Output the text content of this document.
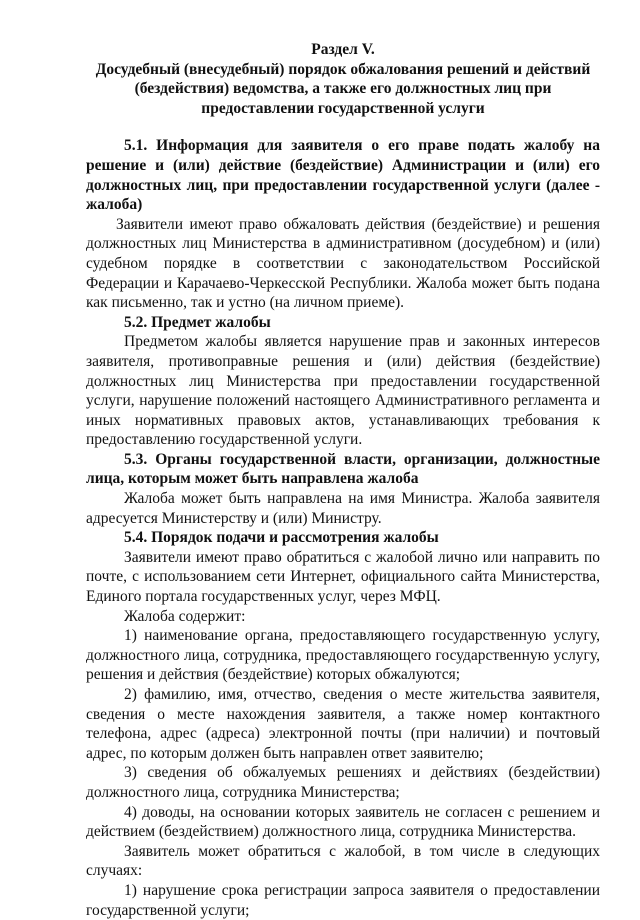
Раздел V.
Досудебный (внесудебный) порядок обжалования решений и действий (бездействия) ведомства, а также его должностных лиц при предоставлении государственной услуги

5.1. Информация для заявителя о его праве подать жалобу на решение и (или) действие (бездействие) Администрации и (или) его должностных лиц, при предоставлении государственной услуги (далее - жалоба)

Заявители имеют право обжаловать действия (бездействие) и решения должностных лиц Министерства в административном (досудебном) и (или) судебном порядке в соответствии с законодательством Российской Федерации и Карачаево-Черкесской Республики. Жалоба может быть подана как письменно, так и устно (на личном приеме).

5.2. Предмет жалобы

Предметом жалобы является нарушение прав и законных интересов заявителя, противоправные решения и (или) действия (бездействие) должностных лиц Министерства при предоставлении государственной услуги, нарушение положений настоящего Административного регламента и иных нормативных правовых актов, устанавливающих требования к предоставлению государственной услуги.

5.3. Органы государственной власти, организации, должностные лица, которым может быть направлена жалоба

Жалоба может быть направлена на имя Министра. Жалоба заявителя адресуется Министерству и (или) Министру.

5.4. Порядок подачи и рассмотрения жалобы

Заявители имеют право обратиться с жалобой лично или направить по почте, с использованием сети Интернет, официального сайта Министерства, Единого портала государственных услуг, через МФЦ.

Жалоба содержит:

1) наименование органа, предоставляющего государственную услугу, должностного лица, сотрудника, предоставляющего государственную услугу, решения и действия (бездействие) которых обжалуются;

2) фамилию, имя, отчество, сведения о месте жительства заявителя, сведения о месте нахождения заявителя, а также номер контактного телефона, адрес (адреса) электронной почты (при наличии) и почтовый адрес, по которым должен быть направлен ответ заявителю;

3) сведения об обжалуемых решениях и действиях (бездействии) должностного лица, сотрудника Министерства;

4) доводы, на основании которых заявитель не согласен с решением и действием (бездействием) должностного лица, сотрудника Министерства.

Заявитель может обратиться с жалобой, в том числе в следующих случаях:

1) нарушение срока регистрации запроса заявителя о предоставлении государственной услуги;
